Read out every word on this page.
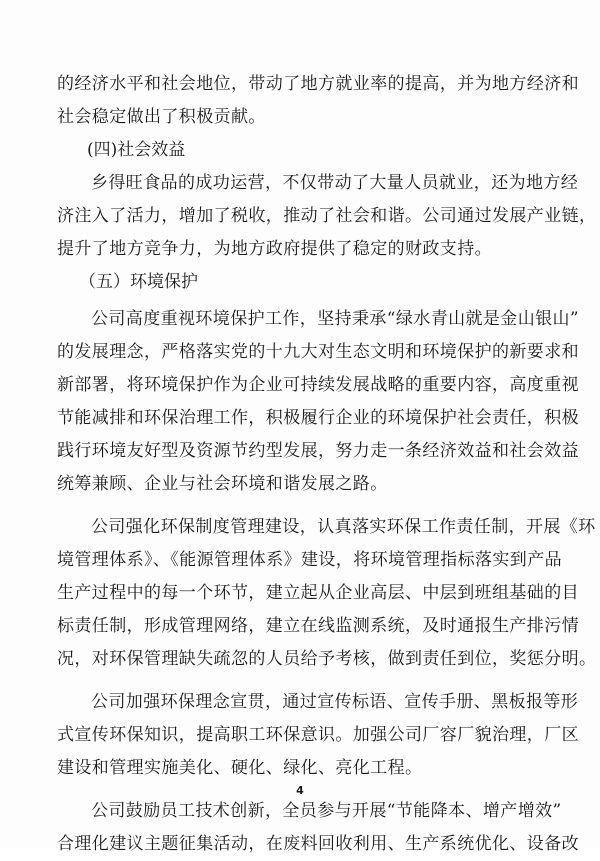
的经济水平和社会地位，带动了地方就业率的提高，并为地方经济和
社会稳定做出了积极贡献。
(四)社会效益
乡得旺食品的成功运营，不仅带动了大量人员就业，还为地方经
济注入了活力，增加了税收，推动了社会和谐。公司通过发展产业链，
提升了地方竞争力，为地方政府提供了稳定的财政支持。
（五）环境保护
公司高度重视环境保护工作，坚持秉承“绿水青山就是金山银山”
的发展理念，严格落实党的十九大对生态文明和环境保护的新要求和
新部署，将环境保护作为企业可持续发展战略的重要内容，高度重视
节能减排和环保治理工作，积极履行企业的环境保护社会责任，积极
践行环境友好型及资源节约型发展，努力走一条经济效益和社会效益
统筹兼顾、企业与社会环境和谐发展之路。
公司强化环保制度管理建设，认真落实环保工作责任制，开展《环
境管理体系》、《能源管理体系》建设，将环境管理指标落实到产品
生产过程中的每一个环节，建立起从企业高层、中层到班组基础的目
标责任制，形成管理网络，建立在线监测系统，及时通报生产排污情
况，对环保管理缺失疏忽的人员给予考核，做到责任到位，奖惩分明。
公司加强环保理念宣贯，通过宣传标语、宣传手册、黑板报等形
式宣传环保知识，提高职工环保意识。加强公司厂容厂貌治理，厂区
建设和管理实施美化、硬化、绿化、亮化工程。
公司鼓励员工技术创新，全员参与开展“节能降本、增产增效”
合理化建议主题征集活动，在废料回收利用、生产系统优化、设备改
4
